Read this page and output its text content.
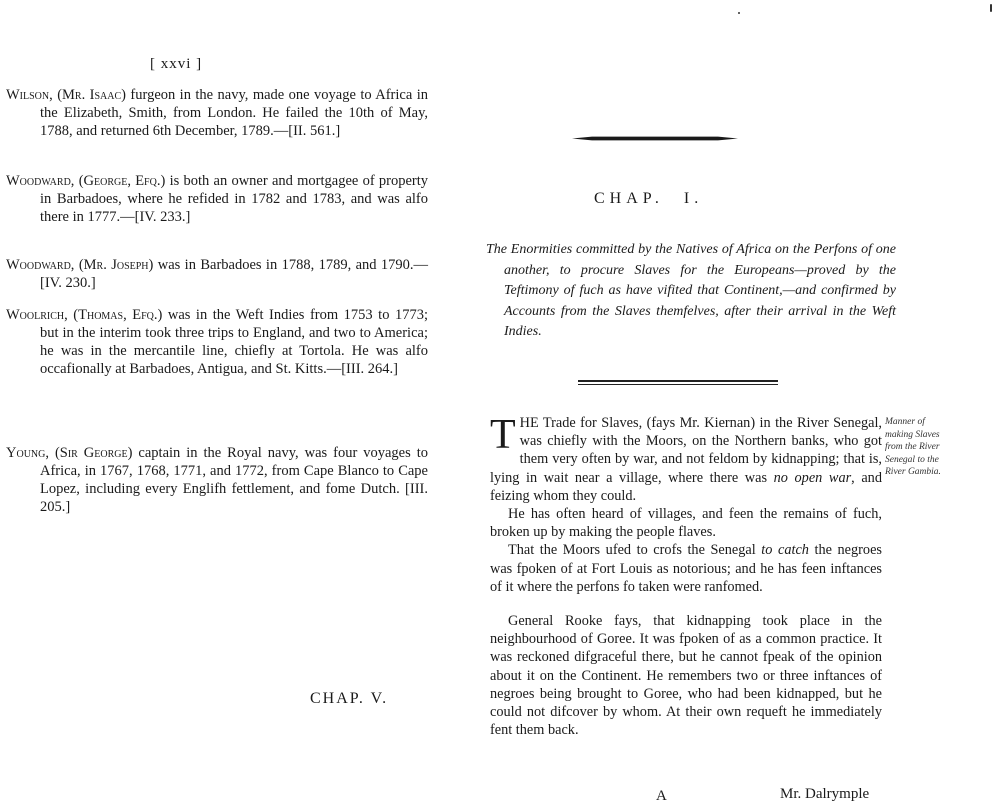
[ xxvi ]
Wilson, (Mr. Isaac) furgeon in the navy, made one voyage to Africa in the Elizabeth, Smith, from London. He failed the 10th of May, 1788, and returned 6th December, 1789.—[II. 561.]
Woodward, (George, Efq.) is both an owner and mortgagee of property in Barbadoes, where he refided in 1782 and 1783, and was alfo there in 1777.—[IV. 233.]
Woodward, (Mr. Joseph) was in Barbadoes in 1788, 1789, and 1790.—[IV. 230.]
Woolrich, (Thomas, Efq.) was in the Weft Indies from 1753 to 1773; but in the interim took three trips to England, and two to America; he was in the mercantile line, chiefly at Tortola. He was alfo occafionally at Barbadoes, Antigua, and St. Kitts.—[III. 264.]
Young, (Sir George) captain in the Royal navy, was four voyages to Africa, in 1767, 1768, 1771, and 1772, from Cape Blanco to Cape Lopez, including every Englifh fettlement, and fome Dutch. [III. 205.]
CHAP. V.
CHAP. I.
The Enormities committed by the Natives of Africa on the Perfons of one another, to procure Slaves for the Europeans—proved by the Teftimony of fuch as have vifited that Continent,—and confirmed by Accounts from the Slaves themfelves, after their arrival in the Weft Indies.

THE Trade for Slaves, (fays Mr. Kiernan) in the River Senegal, was chiefly with the Moors, on the Northern banks, who got them very often by war, and not feldom by kidnapping; that is, lying in wait near a village, where there was no open war, and feizing whom they could.

He has often heard of villages, and feen the remains of fuch, broken up by making the people flaves.

That the Moors ufed to crofs the Senegal to catch the negroes was fpoken of at Fort Louis as notorious; and he has feen inftances of it where the perfons fo taken were ranfomed.

General Rooke fays, that kidnapping took place in the neighbourhood of Goree. It was fpoken of as a common practice. It was reckoned difgraceful there, but he cannot fpeak of the opinion about it on the Continent. He remembers two or three inftances of negroes being brought to Goree, who had been kidnapped, but he could not difcover by whom. At their own requeft he immediately fent them back.

Manner of making Slaves from the River Senegal to the River Gambia.
A	Mr. Dalrymple
